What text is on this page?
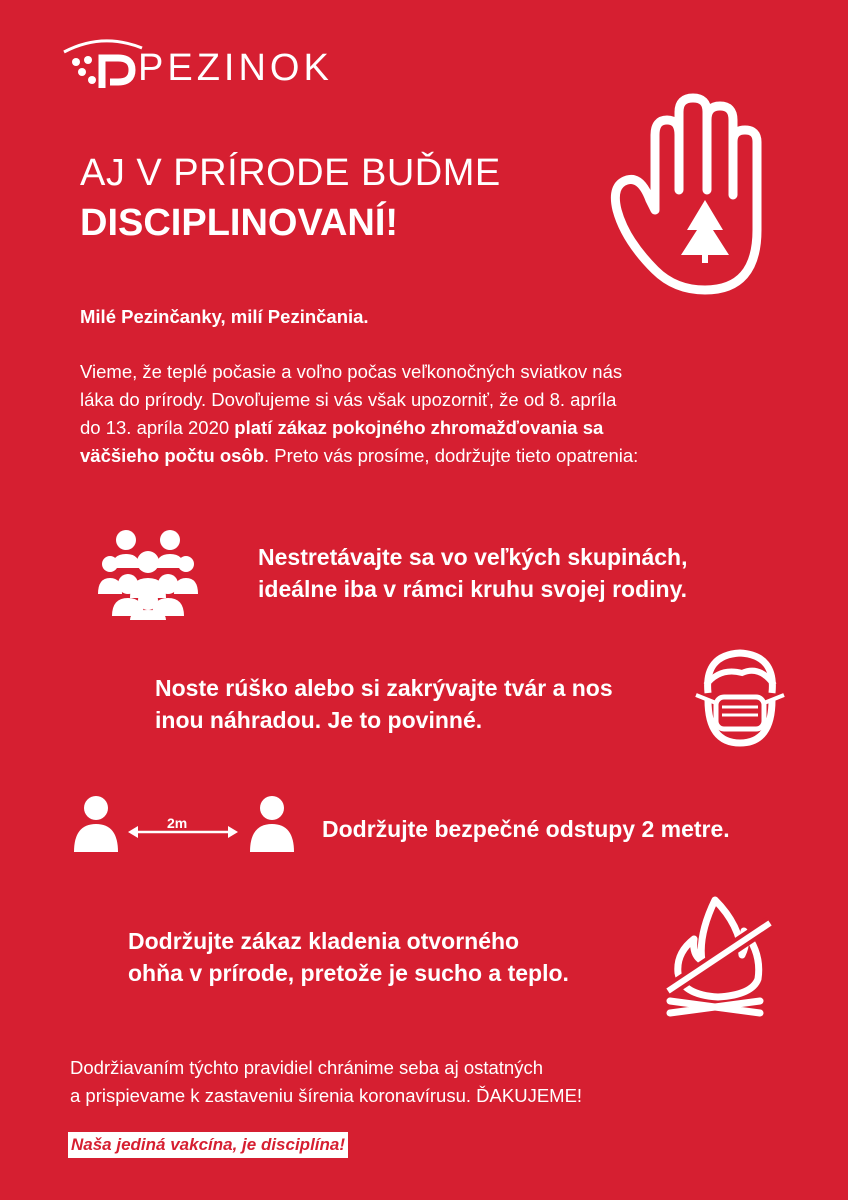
PEZINOK
AJ V PRÍRODE BUĎME
DISCIPLINOVANÍ!
Milé Pezinčanky, milí Pezinčania.
Vieme, že teplé počasie a voľno počas veľkonočných sviatkov nás
láka do prírody. Dovoľujeme si vás však upozorniť, že od 8. apríla
do 13. apríla 2020 platí zákaz pokojného zhromažďovania sa
väčšieho počtu osôb. Preto vás prosíme, dodržujte tieto opatrenia:
Nestretávajte sa vo veľkých skupinách,
ideálne iba v rámci kruhu svojej rodiny.
Noste rúško alebo si zakrývajte tvár a nos
inou náhradou. Je to povinné.
2m	Dodržujte bezpečné odstupy 2 metre.
Dodržujte zákaz kladenia otvorného
ohňa v prírode, pretože je sucho a teplo.
Dodržiavaním týchto pravidiel chránime seba aj ostatných
a prispievame k zastaveniu šírenia koronavírusu. ĎAKUJEME!
Naša jediná vakcína, je disciplína!
